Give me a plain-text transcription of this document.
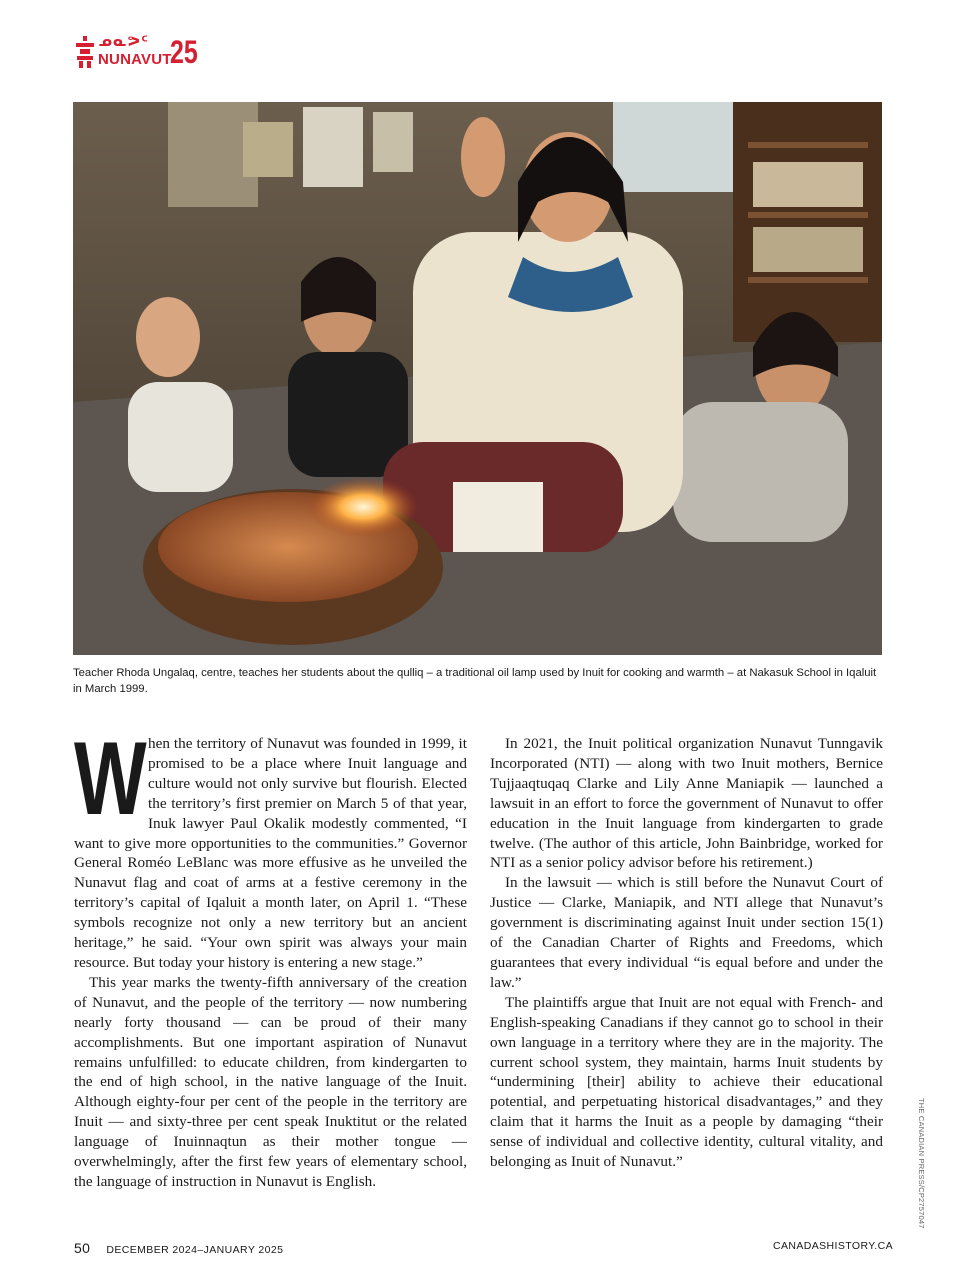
ᓄᓇᕗᑦ
NUNAVUT
25
Teacher Rhoda Ungalaq, centre, teaches her students about the qulliq – a traditional oil lamp used by Inuit for cooking and warmth – at Nakasuk School in Iqaluit in March 1999.

When the territory of Nunavut was founded in 1999, it promised to be a place where Inuit language and culture would not only survive but flourish. Elected the territory’s first premier on March 5 of that year, Inuk lawyer Paul Okalik modestly commented, “I want to give more opportunities to the communities.” Governor General Roméo LeBlanc was more effusive as he unveiled the Nunavut flag and coat of arms at a festive ceremony in the territory’s capital of Iqaluit a month later, on April 1. “These symbols recognize not only a new territory but an ancient heritage,” he said. “Your own spirit was always your main resource. But today your history is entering a new stage.”

This year marks the twenty-fifth anniversary of the creation of Nunavut, and the people of the territory — now numbering nearly forty thousand — can be proud of their many accomplishments. But one important aspiration of Nunavut remains unfulfilled: to educate children, from kindergarten to the end of high school, in the native language of the Inuit. Although eighty-four per cent of the people in the territory are Inuit — and sixty-three per cent speak Inuktitut or the related language of Inuinnaqtun as their mother tongue — overwhelmingly, after the first few years of elementary school, the language of instruction in Nunavut is English.

In 2021, the Inuit political organization Nunavut Tunngavik Incorporated (NTI) — along with two Inuit mothers, Bernice Tujjaaqtuqaq Clarke and Lily Anne Maniapik — launched a lawsuit in an effort to force the government of Nunavut to offer education in the Inuit language from kindergarten to grade twelve. (The author of this article, John Bainbridge, worked for NTI as a senior policy advisor before his retirement.)

In the lawsuit — which is still before the Nunavut Court of Justice — Clarke, Maniapik, and NTI allege that Nunavut’s government is discriminating against Inuit under section 15(1) of the Canadian Charter of Rights and Freedoms, which guarantees that every individual “is equal before and under the law.”

The plaintiffs argue that Inuit are not equal with French- and English-speaking Canadians if they cannot go to school in their own language in a territory where they are in the majority. The current school system, they maintain, harms Inuit students by “undermining [their] ability to achieve their educational potential, and perpetuating historical disadvantages,” and they claim that it harms the Inuit as a people by damaging “their sense of individual and collective identity, cultural vitality, and belonging as Inuit of Nunavut.”	THE CANADIAN PRESS/CP2757047
50 DECEMBER 2024–JANUARY 2025	CANADASHISTORY.CA
